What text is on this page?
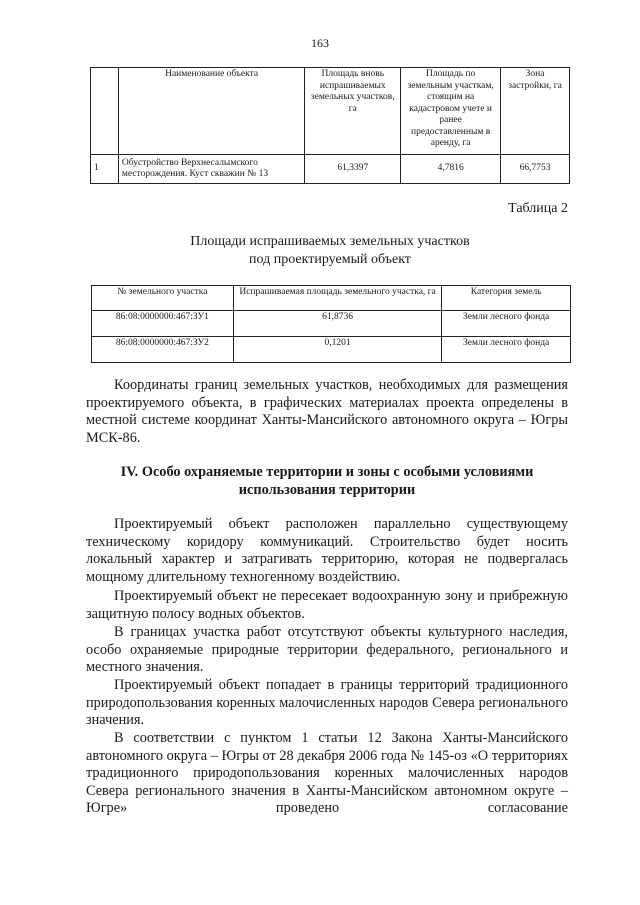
163
	Наименование объекта	Площадь вновь испрашиваемых земельных участков, га	Площадь по земельным участкам, стоящим на кадастровом учете и ранее предоставленным в аренду, га	Зона застройки, га
1	Обустройство Верхнесалымского месторождения. Куст скважин № 13	61,3397	4,7816	66,7753
Таблица 2
Площади испрашиваемых земельных участков
под проектируемый объект
№ земельного участка	Испрашиваемая площадь земельного участка, га	Категория земель
86:08:0000000:467:ЗУ1	61,8736	Земли лесного фонда
86:08:0000000:467:ЗУ2	0,1201	Земли лесного фонда
Координаты границ земельных участков, необходимых для размещения проектируемого объекта, в графических материалах проекта определены в местной системе координат Ханты-Мансийского автономного округа – Югры МСК-86.
IV. Особо охраняемые территории и зоны с особыми условиями использования территории
Проектируемый объект расположен параллельно существующему техническому коридору коммуникаций. Строительство будет носить локальный характер и затрагивать территорию, которая не подвергалась мощному длительному техногенному воздействию.
Проектируемый объект не пересекает водоохранную зону и прибрежную защитную полосу водных объектов.
В границах участка работ отсутствуют объекты культурного наследия, особо охраняемые природные территории федерального, регионального и местного значения.
Проектируемый объект попадает в границы территорий традиционного природопользования коренных малочисленных народов Севера регионального значения.
В соответствии с пунктом 1 статьи 12 Закона Ханты-Мансийского автономного округа – Югры от 28 декабря 2006 года № 145-оз «О территориях традиционного природопользования коренных малочисленных народов Севера регионального значения в Ханты-Мансийском автономном округе – Югре» проведено согласование
